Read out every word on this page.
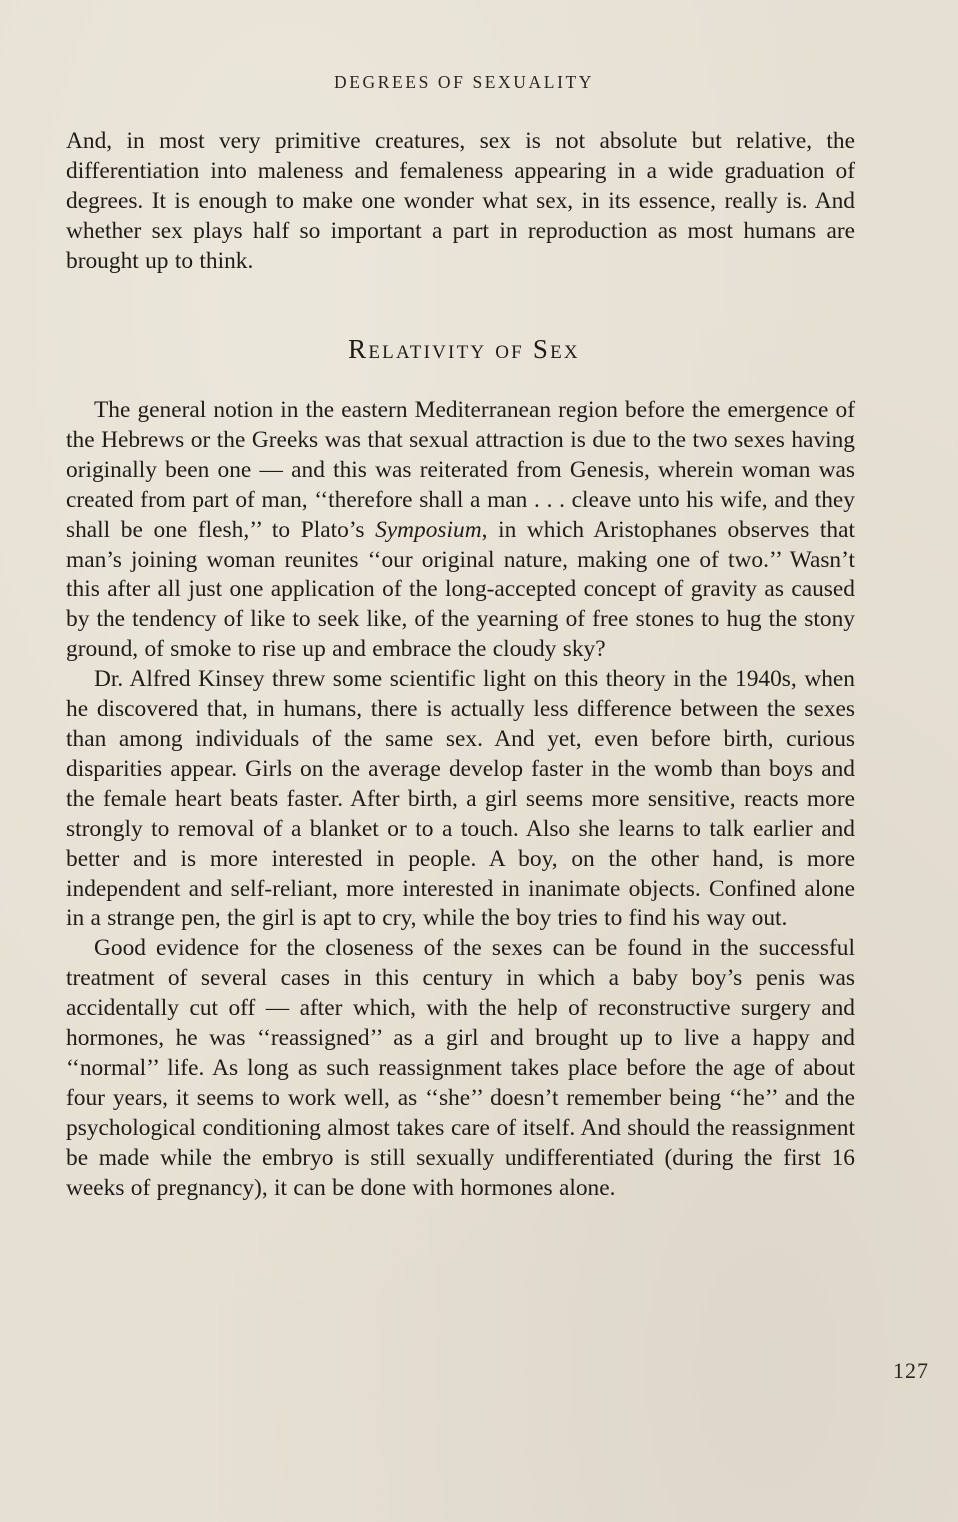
DEGREES OF SEXUALITY

And, in most very primitive creatures, sex is not absolute but relative, the differentiation into maleness and femaleness appearing in a wide graduation of degrees. It is enough to make one wonder what sex, in its essence, really is. And whether sex plays half so important a part in reproduction as most humans are brought up to think.

Relativity of Sex

The general notion in the eastern Mediterranean region before the emergence of the Hebrews or the Greeks was that sexual attraction is due to the two sexes having originally been one — and this was reiterated from Genesis, wherein woman was created from part of man, ‘‘therefore shall a man . . . cleave unto his wife, and they shall be one flesh,’’ to Plato’s Symposium, in which Aristophanes observes that man’s joining woman reunites ‘‘our original nature, making one of two.’’ Wasn’t this after all just one application of the long-accepted concept of gravity as caused by the tendency of like to seek like, of the yearning of free stones to hug the stony ground, of smoke to rise up and embrace the cloudy sky?

Dr. Alfred Kinsey threw some scientific light on this theory in the 1940s, when he discovered that, in humans, there is actually less difference between the sexes than among individuals of the same sex. And yet, even before birth, curious disparities appear. Girls on the average develop faster in the womb than boys and the female heart beats faster. After birth, a girl seems more sensitive, reacts more strongly to removal of a blanket or to a touch. Also she learns to talk earlier and better and is more interested in people. A boy, on the other hand, is more independent and self-reliant, more interested in inanimate objects. Confined alone in a strange pen, the girl is apt to cry, while the boy tries to find his way out.

Good evidence for the closeness of the sexes can be found in the successful treatment of several cases in this century in which a baby boy’s penis was accidentally cut off — after which, with the help of reconstructive surgery and hormones, he was ‘‘reassigned’’ as a girl and brought up to live a happy and ‘‘normal’’ life. As long as such reassignment takes place before the age of about four years, it seems to work well, as ‘‘she’’ doesn’t remember being ‘‘he’’ and the psychological conditioning almost takes care of itself. And should the reassignment be made while the embryo is still sexually undifferentiated (during the first 16 weeks of pregnancy), it can be done with hormones alone.

127
